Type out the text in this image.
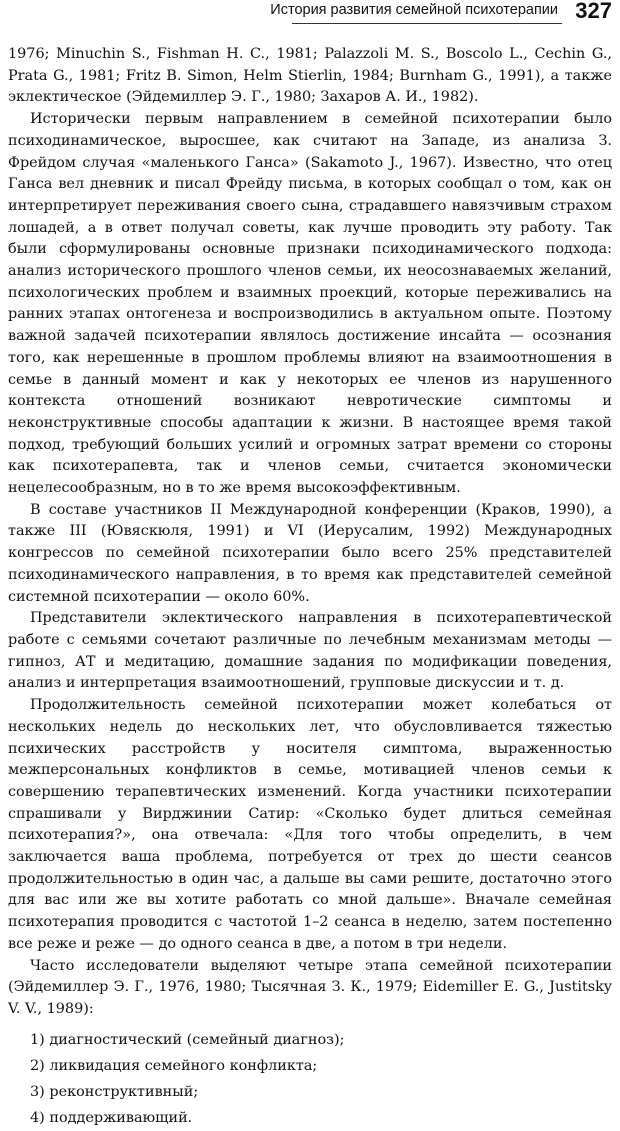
История развития семейной психотерапии 327

1976; Minuchin S., Fishman H. C., 1981; Palazzoli M. S., Boscolo L., Cechin G., Prata G., 1981; Fritz B. Simon, Helm Stierlin, 1984; Burnham G., 1991), а также эклектическое (Эйдемиллер Э. Г., 1980; Захаров А. И., 1982).

Исторически первым направлением в семейной психотерапии было психодинамическое, выросшее, как считают на Западе, из анализа З. Фрейдом случая «маленького Ганса» (Sakamoto J., 1967). Известно, что отец Ганса вел дневник и писал Фрейду письма, в которых сообщал о том, как он интерпретирует переживания своего сына, страдавшего навязчивым страхом лошадей, а в ответ получал советы, как лучше проводить эту работу. Так были сформулированы основные признаки психодинамического подхода: анализ исторического прошлого членов семьи, их неосознаваемых желаний, психологических проблем и взаимных проекций, которые переживались на ранних этапах онтогенеза и воспроизводились в актуальном опыте. Поэтому важной задачей психотерапии являлось достижение инсайта — осознания того, как нерешенные в прошлом проблемы влияют на взаимоотношения в семье в данный момент и как у некоторых ее членов из нарушенного контекста отношений возникают невротические симптомы и неконструктивные способы адаптации к жизни. В настоящее время такой подход, требующий больших усилий и огромных затрат времени со стороны как психотерапевта, так и членов семьи, считается экономически нецелесообразным, но в то же время высокоэффективным.

В составе участников II Международной конференции (Краков, 1990), а также III (Ювяскюля, 1991) и VI (Иерусалим, 1992) Международных конгрессов по семейной психотерапии было всего 25% представителей психодинамического направления, в то время как представителей семейной системной психотерапии — около 60%.

Представители эклектического направления в психотерапевтической работе с семьями сочетают различные по лечебным механизмам методы — гипноз, АТ и медитацию, домашние задания по модификации поведения, анализ и интерпретация взаимоотношений, групповые дискуссии и т. д.

Продолжительность семейной психотерапии может колебаться от нескольких недель до нескольких лет, что обусловливается тяжестью психических расстройств у носителя симптома, выраженностью межперсональных конфликтов в семье, мотивацией членов семьи к совершению терапевтических изменений. Когда участники психотерапии спрашивали у Вирджинии Сатир: «Сколько будет длиться семейная психотерапия?», она отвечала: «Для того чтобы определить, в чем заключается ваша проблема, потребуется от трех до шести сеансов продолжительностью в один час, а дальше вы сами решите, достаточно этого для вас или же вы хотите работать со мной дальше». Вначале семейная психотерапия проводится с частотой 1–2 сеанса в неделю, затем постепенно все реже и реже — до одного сеанса в две, а потом в три недели.

Часто исследователи выделяют четыре этапа семейной психотерапии (Эйдемиллер Э. Г., 1976, 1980; Тысячная З. К., 1979; Eidemiller E. G., Justitsky V. V., 1989):

1) диагностический (семейный диагноз);
2) ликвидация семейного конфликта;
3) реконструктивный;
4) поддерживающий.
